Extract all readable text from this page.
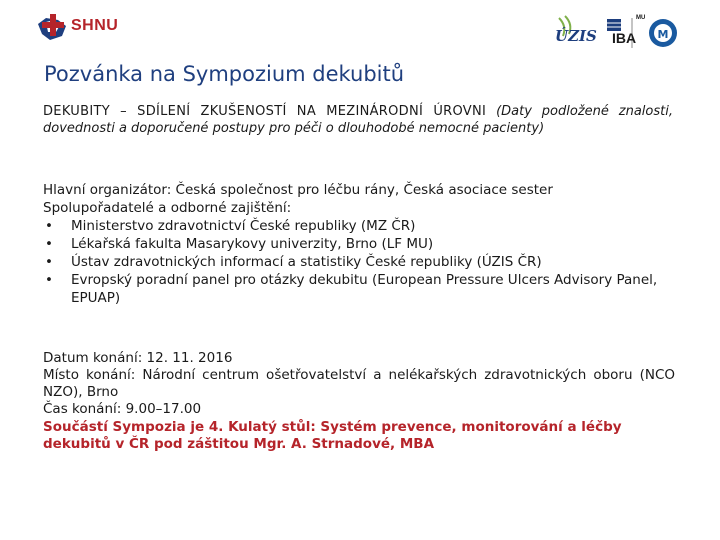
SHNU
M
ÚZIS IBA
MU
Pozvánka na Sympozium dekubitů

DEKUBITY – SDÍLENÍ ZKUŠENOSTÍ NA MEZINÁRODNÍ ÚROVNI (Daty podložené znalosti, dovednosti a doporučené postupy pro péči o dlouhodobé nemocné pacienty)

Hlavní organizátor: Česká společnost pro léčbu rány, Česká asociace sester

Spolupořadatelé a odborné zajištění:

• Ministerstvo zdravotnictví České republiky (MZ ČR)
• Lékařská fakulta Masarykovy univerzity, Brno (LF MU)
• Ústav zdravotnických informací a statistiky České republiky (ÚZIS ČR)
• Evropský poradní panel pro otázky dekubitu (European Pressure Ulcers Advisory Panel, EPUAP)

Datum konání: 12. 11. 2016

Místo konání: Národní centrum ošetřovatelství a nelékařských zdravotnických oboru (NCO NZO), Brno

Čas konání: 9.00–17.00

Součástí Sympozia je 4. Kulatý stůl: Systém prevence, monitorování a léčby dekubitů v ČR pod záštitou Mgr. A. Strnadové, MBA
